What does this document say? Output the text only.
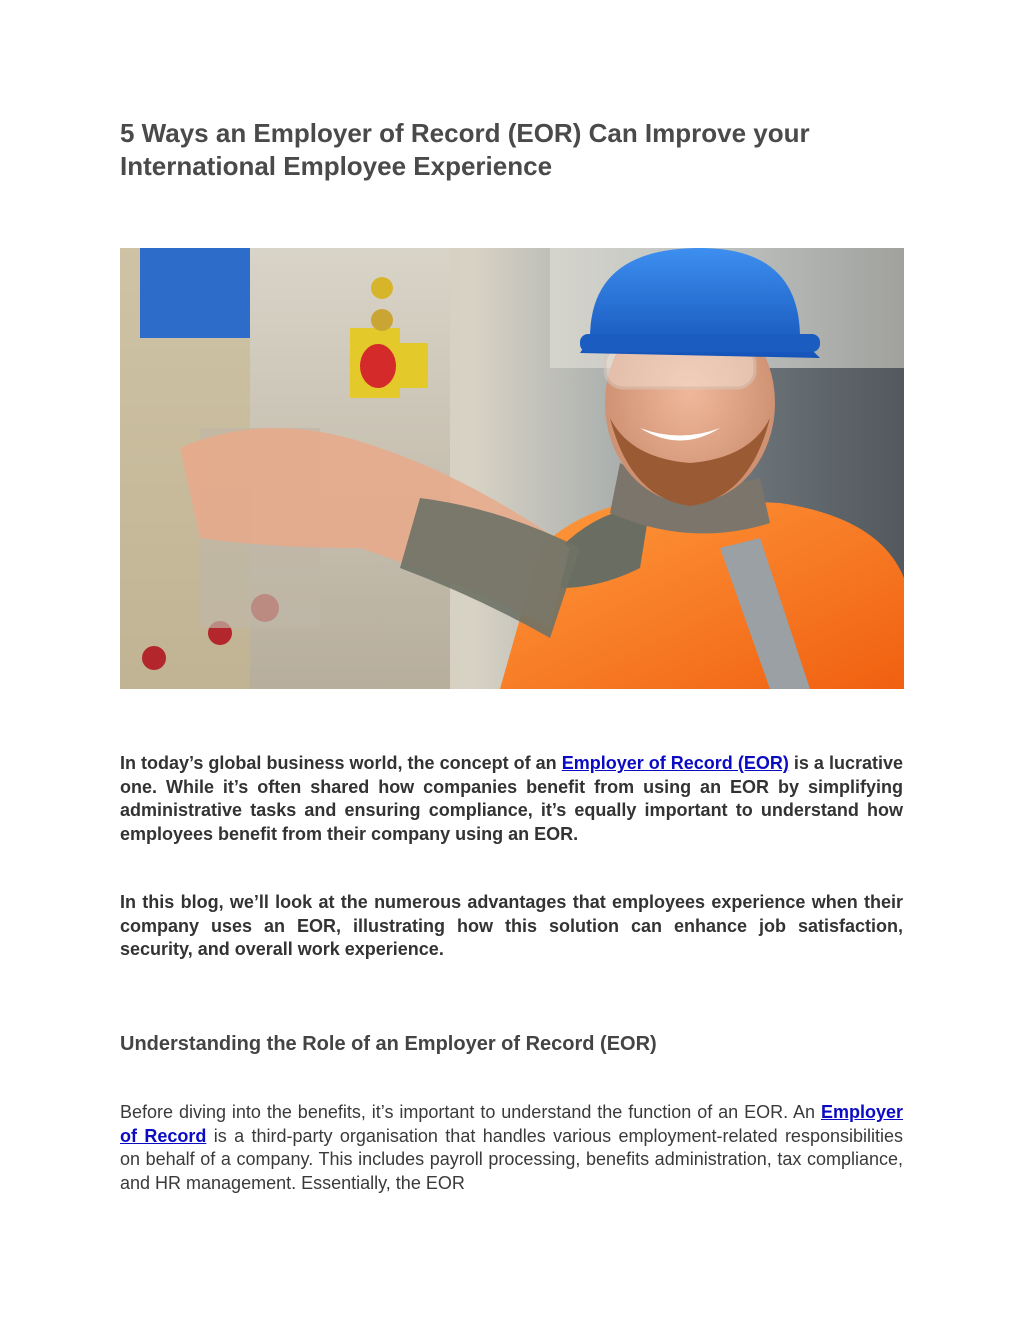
5 Ways an Employer of Record (EOR) Can Improve your International Employee Experience

In today’s global business world, the concept of an Employer of Record (EOR) is a lucrative one. While it’s often shared how companies benefit from using an EOR by simplifying administrative tasks and ensuring compliance, it’s equally important to understand how employees benefit from their company using an EOR.

In this blog, we’ll look at the numerous advantages that employees experience when their company uses an EOR, illustrating how this solution can enhance job satisfaction, security, and overall work experience.

Understanding the Role of an Employer of Record (EOR)

Before diving into the benefits, it’s important to understand the function of an EOR. An Employer of Record is a third-party organisation that handles various employment-related responsibilities on behalf of a company. This includes payroll processing, benefits administration, tax compliance, and HR management. Essentially, the EOR
